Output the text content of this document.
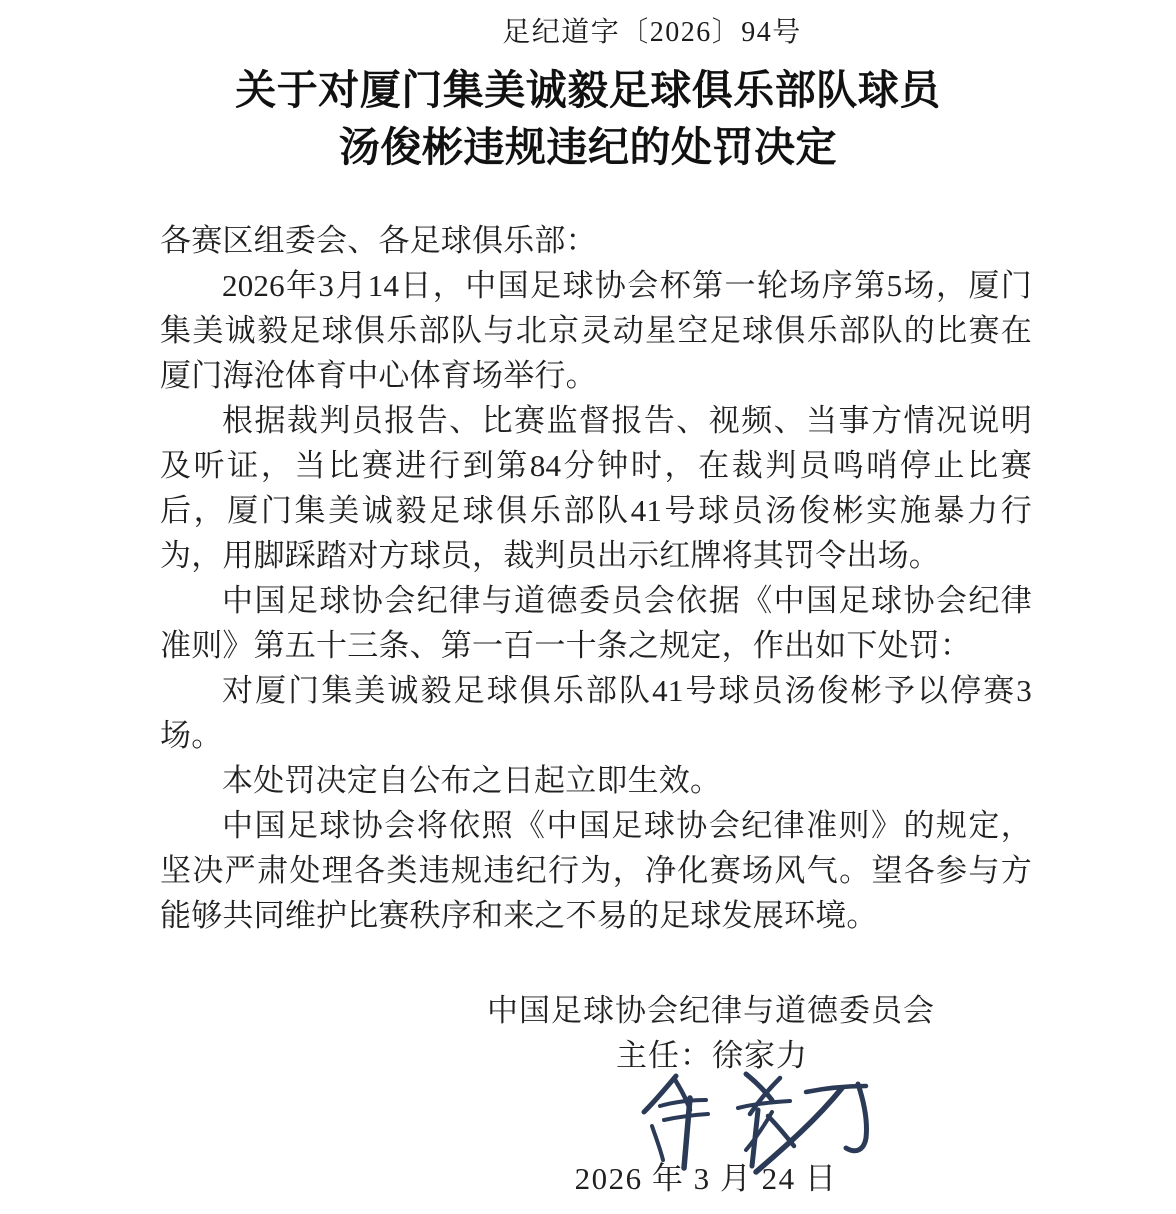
足纪道字〔2026〕94号
关于对厦门集美诚毅足球俱乐部队球员
汤俊彬违规违纪的处罚决定

各赛区组委会、各足球俱乐部：

2026年3月14日，中国足球协会杯第一轮场序第5场，厦门集美诚毅足球俱乐部队与北京灵动星空足球俱乐部队的比赛在厦门海沧体育中心体育场举行。

根据裁判员报告、比赛监督报告、视频、当事方情况说明及听证，当比赛进行到第84分钟时，在裁判员鸣哨停止比赛后，厦门集美诚毅足球俱乐部队41号球员汤俊彬实施暴力行为，用脚踩踏对方球员，裁判员出示红牌将其罚令出场。

中国足球协会纪律与道德委员会依据《中国足球协会纪律准则》第五十三条、第一百一十条之规定，作出如下处罚：

对厦门集美诚毅足球俱乐部队41号球员汤俊彬予以停赛3场。

本处罚决定自公布之日起立即生效。

中国足球协会将依照《中国足球协会纪律准则》的规定，坚决严肃处理各类违规违纪行为，净化赛场风气。望各参与方能够共同维护比赛秩序和来之不易的足球发展环境。

中国足球协会纪律与道德委员会
主任：徐家力
2026 年 3 月 24 日
